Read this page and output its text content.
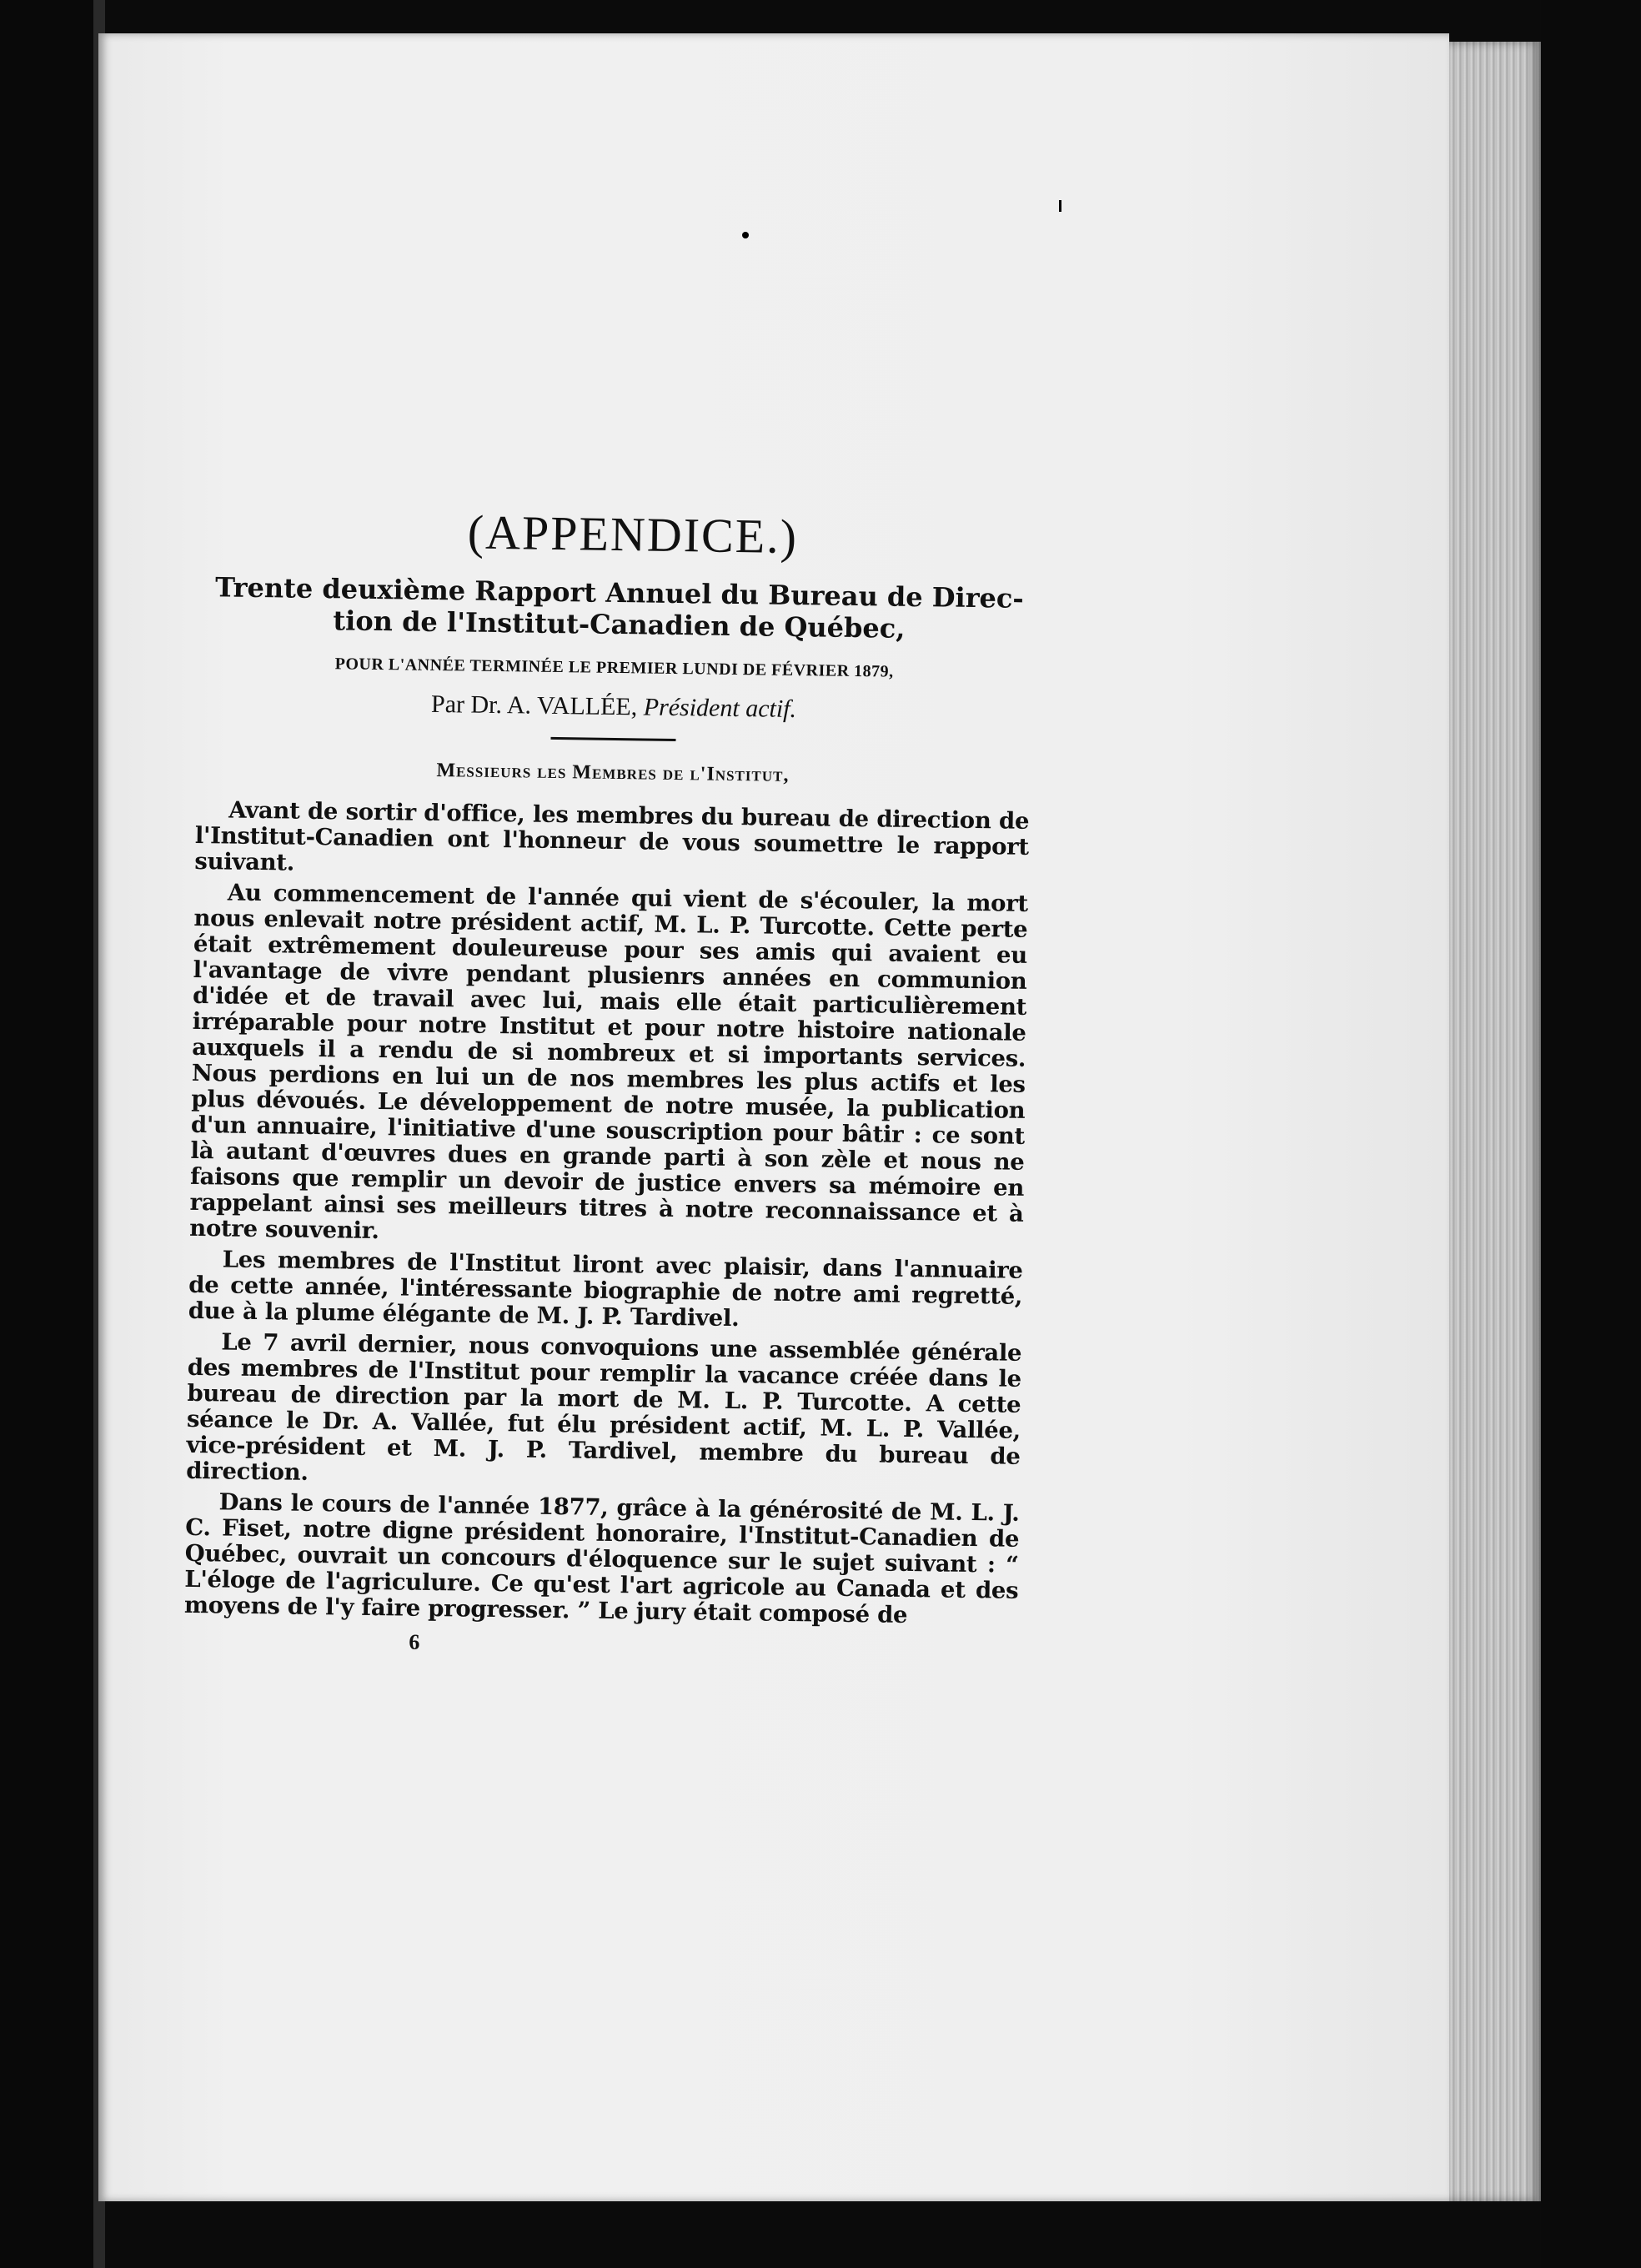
(APPENDICE.)
Trente deuxième Rapport Annuel du Bureau de Direc-
tion de l'Institut-Canadien de Québec,
POUR L'ANNÉE TERMINÉE LE PREMIER LUNDI DE FÉVRIER 1879,
Par Dr. A. VALLÉE, Président actif.
Messieurs les Membres de l'Institut,

Avant de sortir d'office, les membres du bureau de direction de l'Institut-Canadien ont l'honneur de vous soumettre le rapport suivant.

Au commencement de l'année qui vient de s'écouler, la mort nous enlevait notre président actif, M. L. P. Turcotte. Cette perte était extrêmement douleureuse pour ses amis qui avaient eu l'avantage de vivre pendant plusienrs années en communion d'idée et de travail avec lui, mais elle était particulièrement irréparable pour notre Institut et pour notre histoire nationale auxquels il a rendu de si nombreux et si importants services. Nous perdions en lui un de nos membres les plus actifs et les plus dévoués. Le développement de notre musée, la publication d'un annuaire, l'initiative d'une souscription pour bâtir : ce sont là autant d'œuvres dues en grande parti à son zèle et nous ne faisons que remplir un devoir de justice envers sa mémoire en rappelant ainsi ses meilleurs titres à notre reconnaissance et à notre souvenir.

Les membres de l'Institut liront avec plaisir, dans l'annuaire de cette année, l'intéressante biographie de notre ami regretté, due à la plume élégante de M. J. P. Tardivel.

Le 7 avril dernier, nous convoquions une assemblée générale des membres de l'Institut pour remplir la vacance créée dans le bureau de direction par la mort de M. L. P. Turcotte. A cette séance le Dr. A. Vallée, fut élu président actif, M. L. P. Vallée, vice-président et M. J. P. Tardivel, membre du bureau de direction.

Dans le cours de l'année 1877, grâce à la générosité de M. L. J. C. Fiset, notre digne président honoraire, l'Institut-Canadien de Québec, ouvrait un concours d'éloquence sur le sujet suivant : “ L'éloge de l'agriculure. Ce qu'est l'art agricole au Canada et des moyens de l'y faire progresser. ” Le jury était composé de

6
